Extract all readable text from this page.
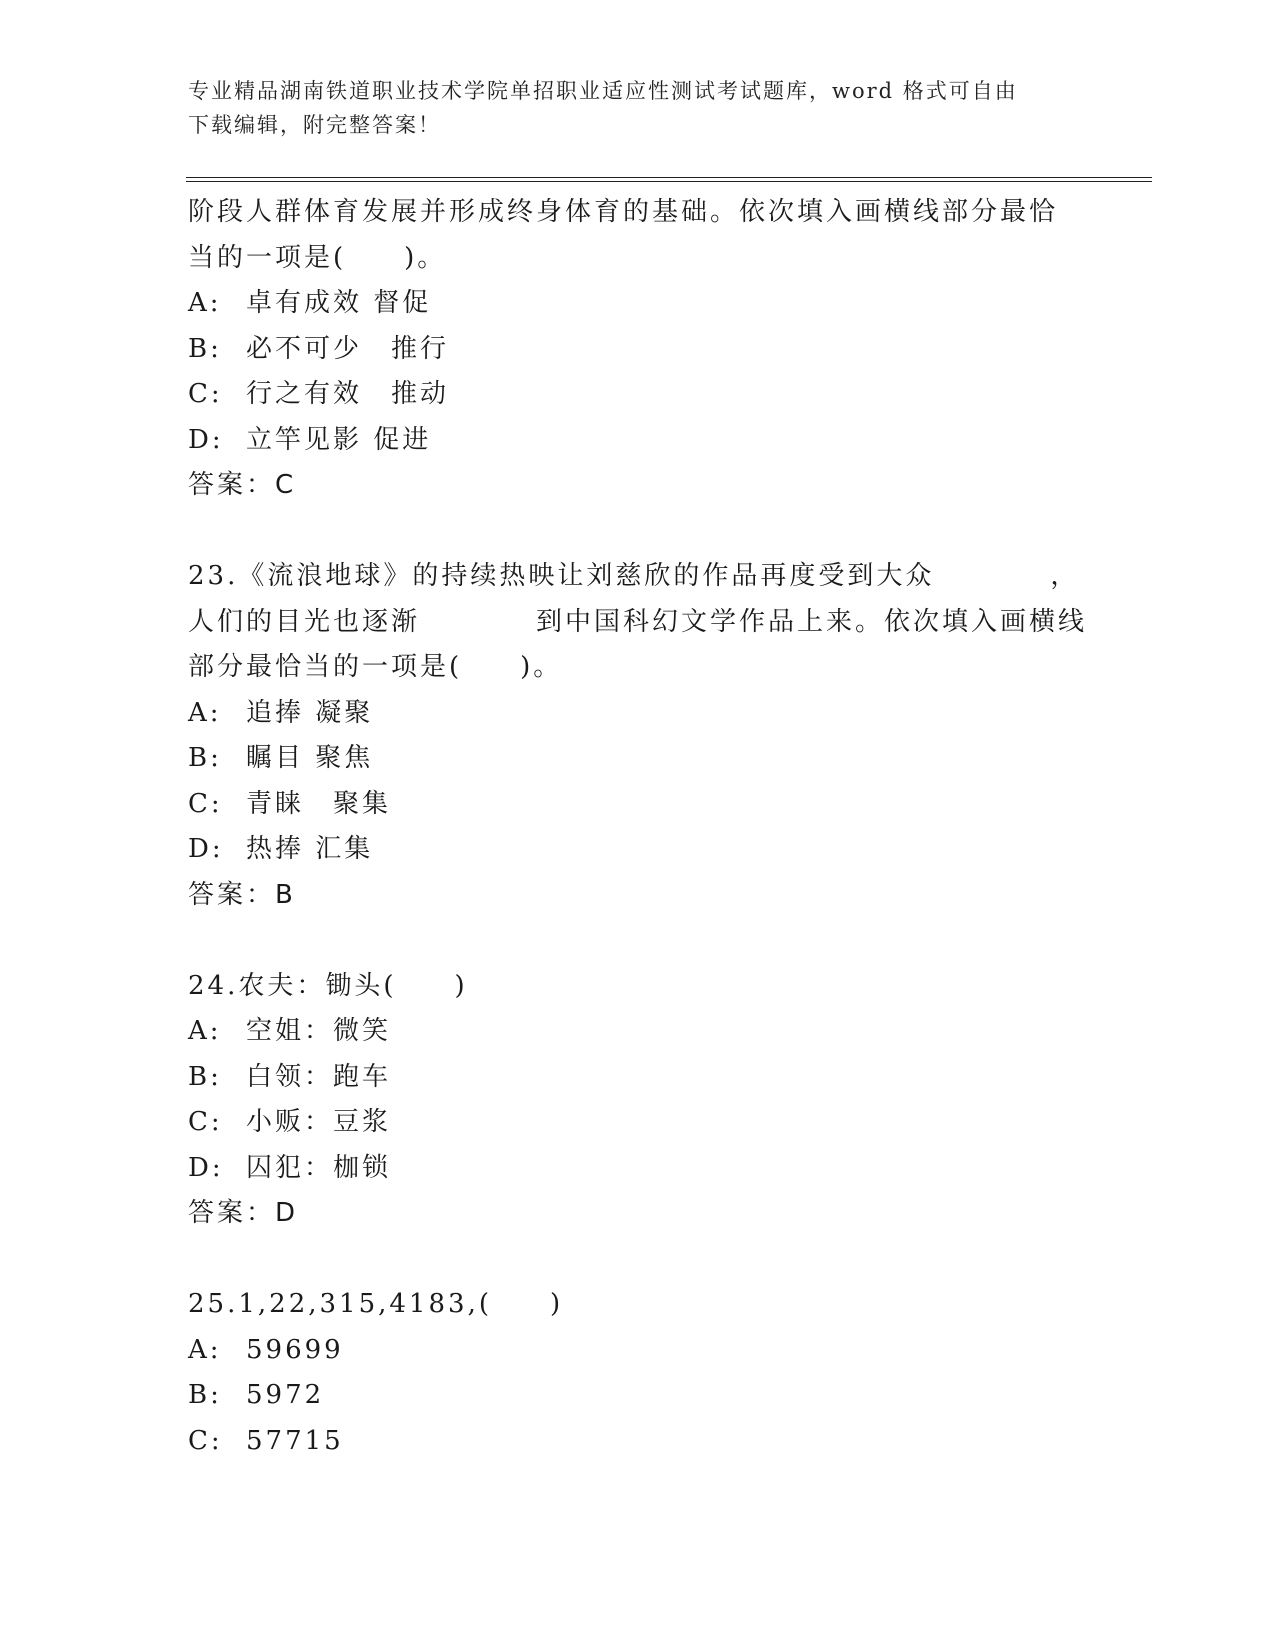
专业精品湖南铁道职业技术学院单招职业适应性测试考试题库，word 格式可自由
下载编辑，附完整答案！
阶段人群体育发展并形成终身体育的基础。依次填入画横线部分最恰
当的一项是(　　)。
A: 卓有成效 督促
B: 必不可少　推行
C: 行之有效　推动
D: 立竿见影 促进
答案：C
23.《流浪地球》的持续热映让刘慈欣的作品再度受到大众　　　　，
人们的目光也逐渐　　　　到中国科幻文学作品上来。依次填入画横线
部分最恰当的一项是(　　)。
A: 追捧 凝聚
B: 瞩目 聚焦
C: 青睐　聚集
D: 热捧 汇集
答案：B
24.农夫：锄头(　　)
A: 空姐：微笑
B: 白领：跑车
C: 小贩：豆浆
D: 囚犯：枷锁
答案：D
25.1,22,315,4183,(　　)
A: 59699
B: 5972
C: 57715
